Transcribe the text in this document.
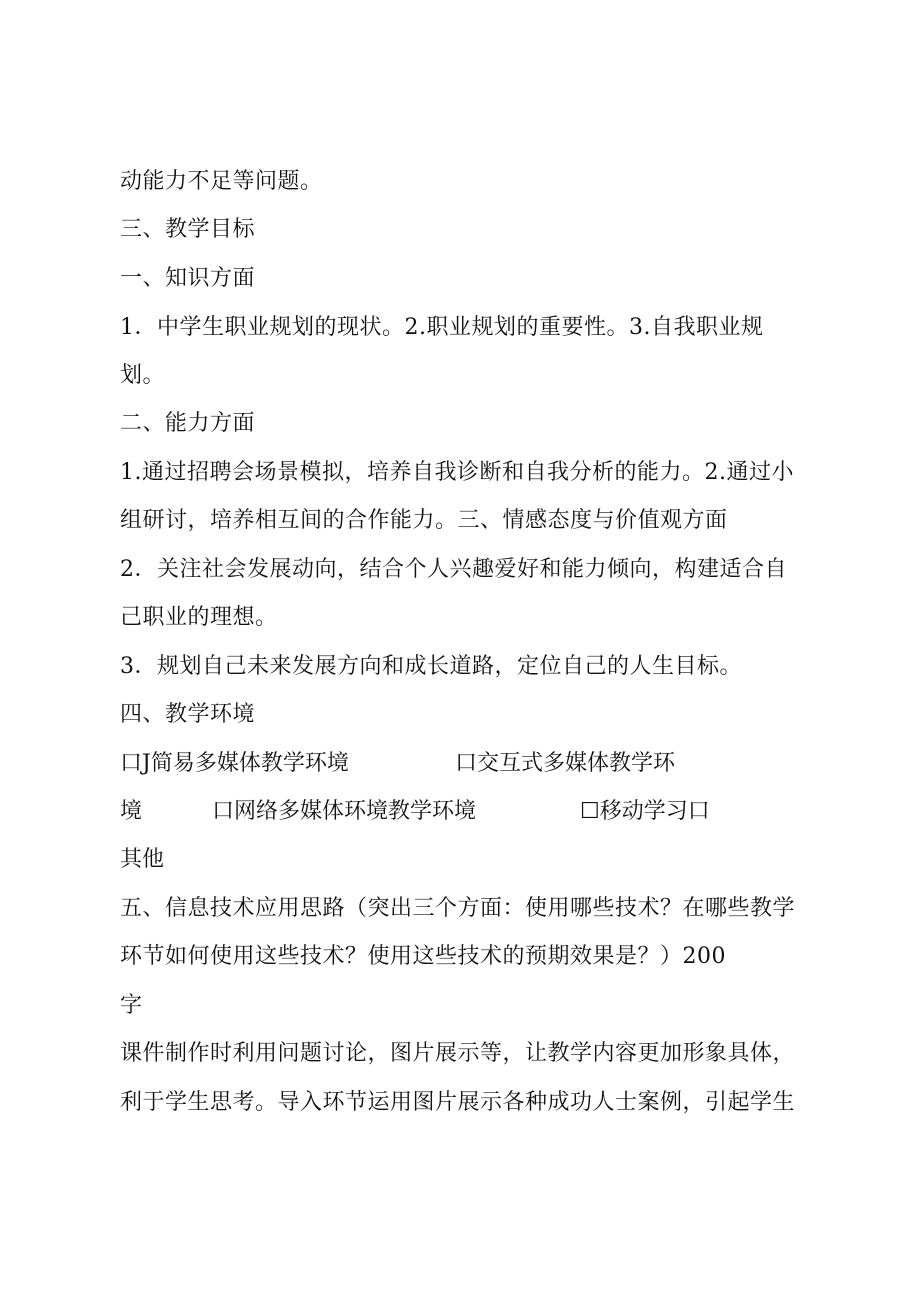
动能力不足等问题。

三、教学目标

一、知识方面

1．中学生职业规划的现状。2.职业规划的重要性。3.自我职业规

划。

二、能力方面

1.通过招聘会场景模拟，培养自我诊断和自我分析的能力。2.通过小

组研讨，培养相互间的合作能力。三、情感态度与价值观方面

2．关注社会发展动向，结合个人兴趣爱好和能力倾向，构建适合自

己职业的理想。

3．规划自己未来发展方向和成长道路，定位自己的人生目标。

四、教学环境

口J简易多媒体教学环境	口交互式多媒体教学环
境	口网络多媒体环境教学环境	☐移动学习口
其他

五、信息技术应用思路（突出三个方面：使用哪些技术？在哪些教学

环节如何使用这些技术？使用这些技术的预期效果是？）200

字

课件制作时利用问题讨论，图片展示等，让教学内容更加形象具体，

利于学生思考。导入环节运用图片展示各种成功人士案例，引起学生
